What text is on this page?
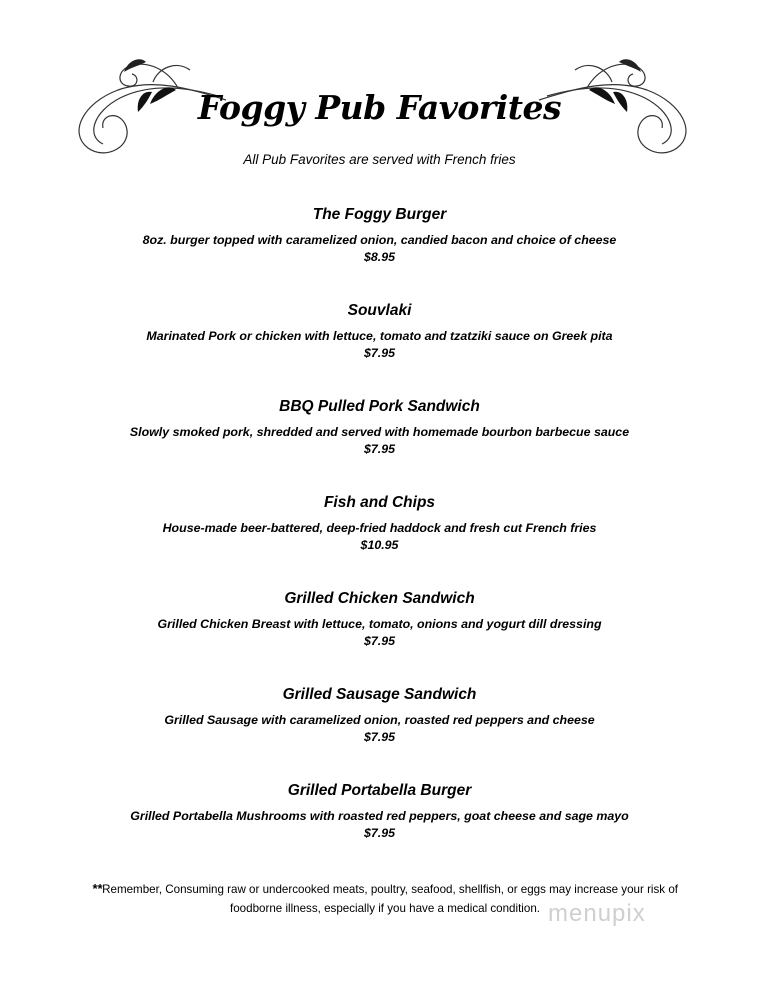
Foggy Pub Favorites
All Pub Favorites are served with French fries
The Foggy Burger
8oz. burger topped with caramelized onion, candied bacon and choice of cheese
$8.95
Souvlaki
Marinated Pork or chicken with lettuce, tomato and tzatziki sauce on Greek pita
$7.95
BBQ Pulled Pork Sandwich
Slowly smoked pork, shredded and served with homemade bourbon barbecue sauce
$7.95
Fish and Chips
House-made beer-battered, deep-fried haddock and fresh cut French fries
$10.95
Grilled Chicken Sandwich
Grilled Chicken Breast with lettuce, tomato, onions and yogurt dill dressing
$7.95
Grilled Sausage Sandwich
Grilled Sausage with caramelized onion, roasted red peppers and cheese
$7.95
Grilled Portabella Burger
Grilled Portabella Mushrooms with roasted red peppers, goat cheese and sage mayo
$7.95
**Remember, Consuming raw or undercooked meats, poultry, seafood, shellfish, or eggs may increase your risk of
foodborne illness, especially if you have a medical condition. menupix
